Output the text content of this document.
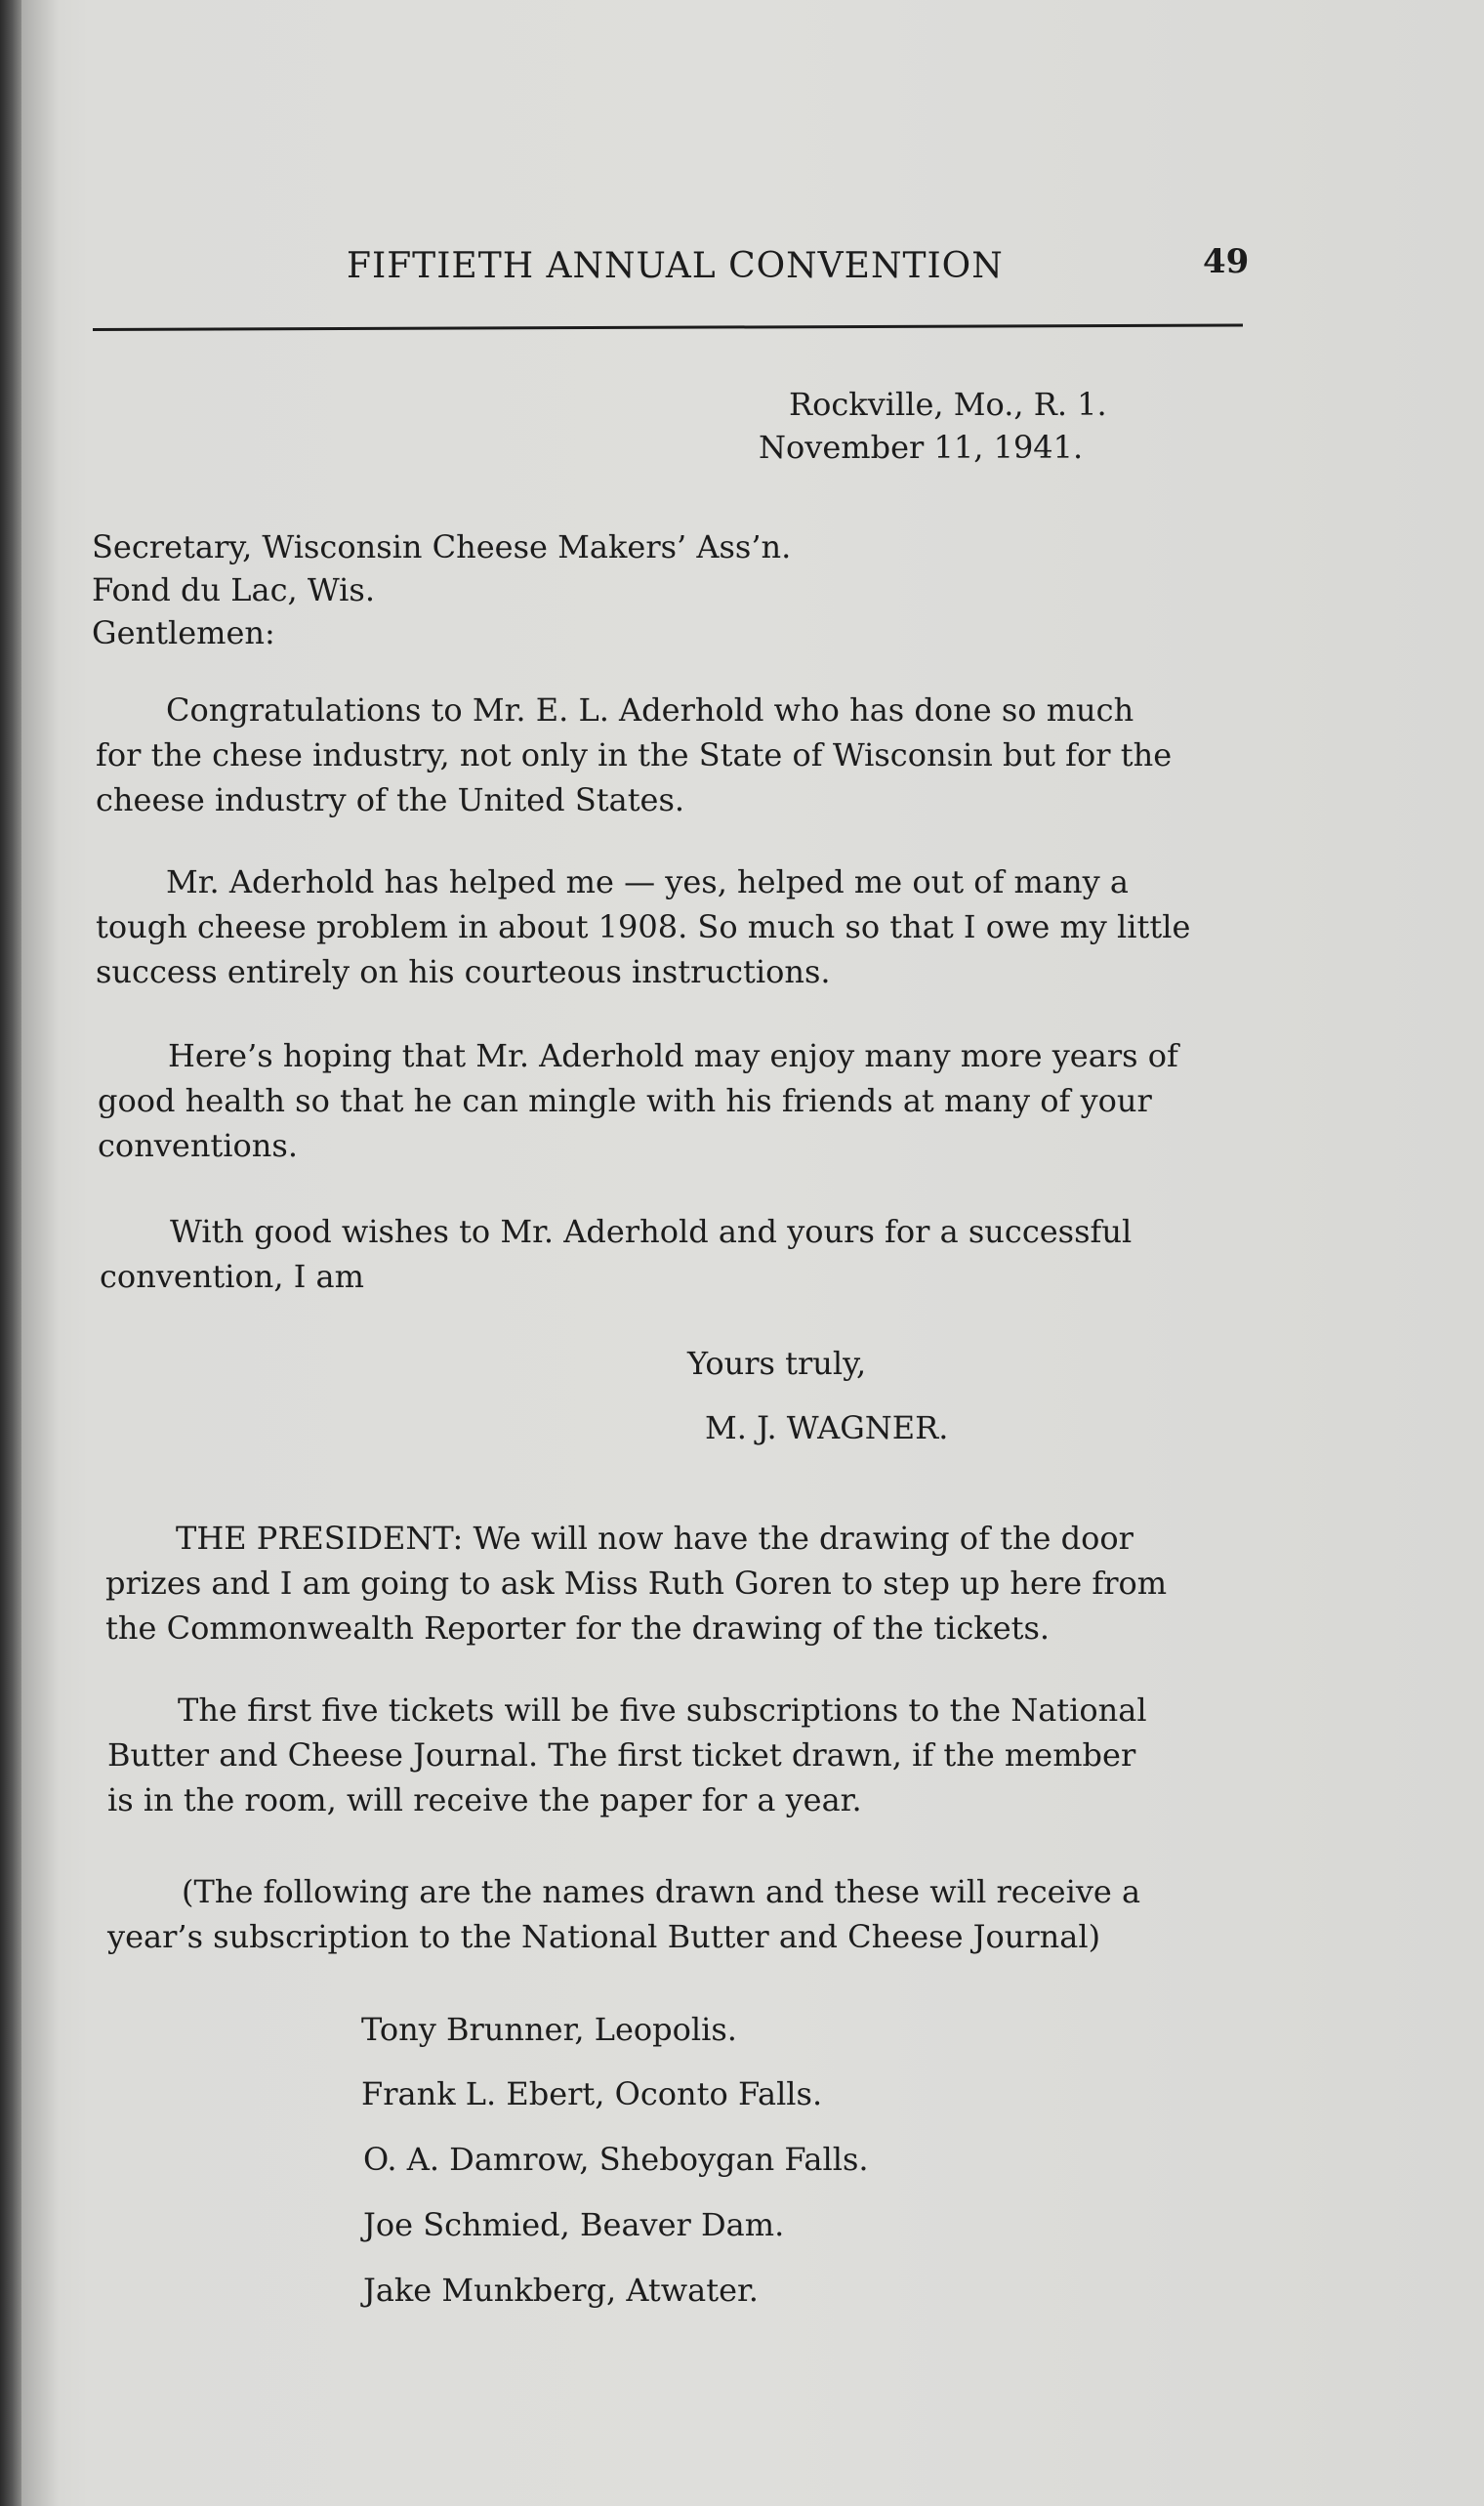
FIFTIETH ANNUAL CONVENTION	49
Rockville, Mo., R. 1.
November 11, 1941.
Secretary, Wisconsin Cheese Makers’ Ass’n.
Fond du Lac, Wis.
Gentlemen:
Congratulations to Mr. E. L. Aderhold who has done so much
for the chese industry, not only in the State of Wisconsin but for the
cheese industry of the United States.
Mr. Aderhold has helped me — yes, helped me out of many a
tough cheese problem in about 1908. So much so that I owe my little
success entirely on his courteous instructions.
Here’s hoping that Mr. Aderhold may enjoy many more years of
good health so that he can mingle with his friends at many of your
conventions.
With good wishes to Mr. Aderhold and yours for a successful
convention, I am
Yours truly,
M. J. WAGNER.
THE PRESIDENT: We will now have the drawing of the door
prizes and I am going to ask Miss Ruth Goren to step up here from
the Commonwealth Reporter for the drawing of the tickets.
The first five tickets will be five subscriptions to the National
Butter and Cheese Journal. The first ticket drawn, if the member
is in the room, will receive the paper for a year.
(The following are the names drawn and these will receive a
year’s subscription to the National Butter and Cheese Journal)
Tony Brunner, Leopolis.
Frank L. Ebert, Oconto Falls.
O. A. Damrow, Sheboygan Falls.
Joe Schmied, Beaver Dam.
Jake Munkberg, Atwater.
